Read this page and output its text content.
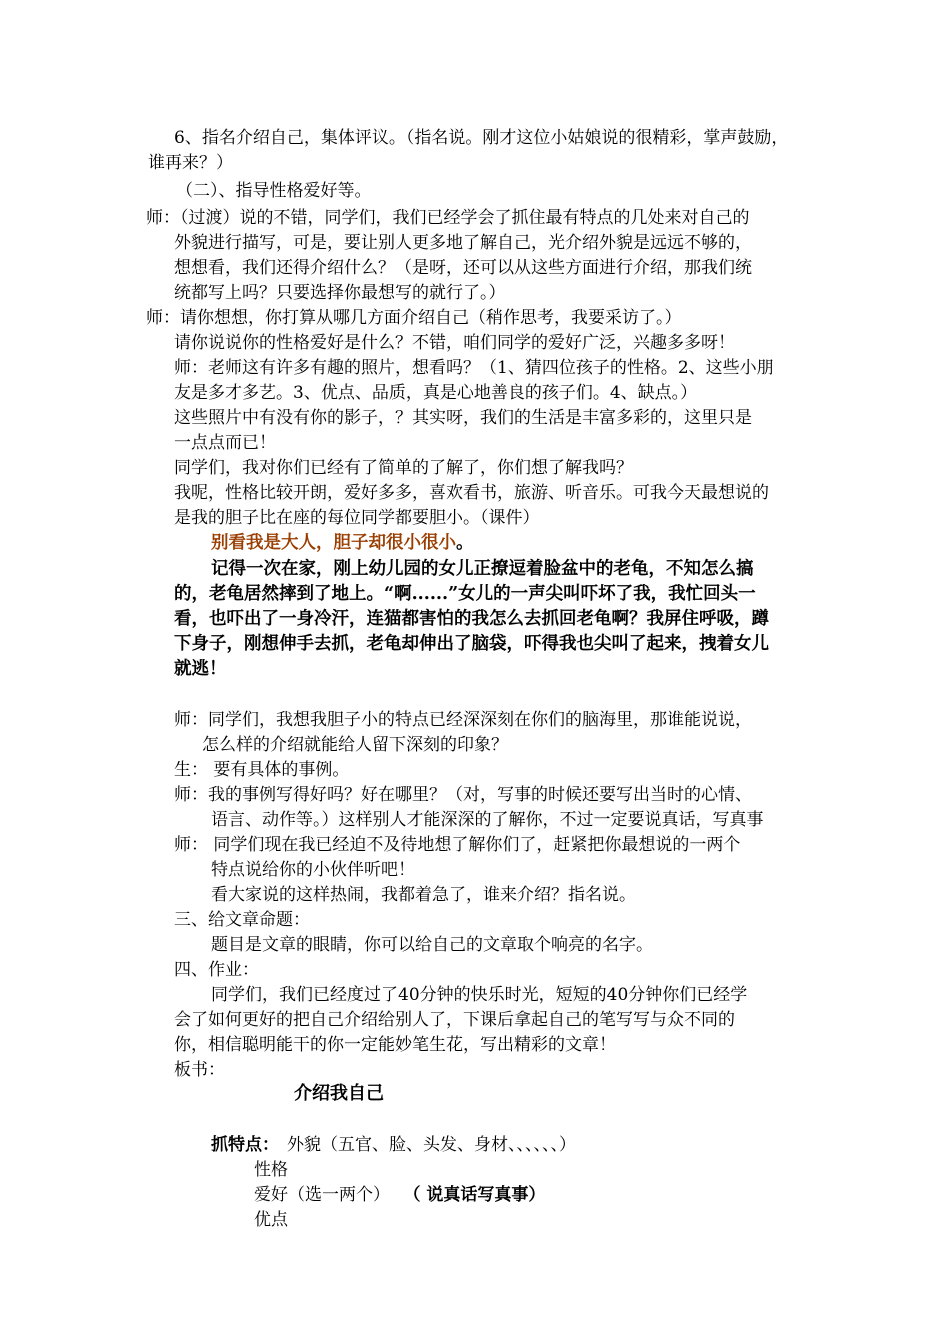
6、指名介绍自己，集体评议。（指名说。刚才这位小姑娘说的很精彩，掌声鼓励，
谁再来？）
（二）、指导性格爱好等。
师：（过渡）说的不错，同学们，我们已经学会了抓住最有特点的几处来对自己的
外貌进行描写，可是，要让别人更多地了解自己，光介绍外貌是远远不够的，
想想看，我们还得介绍什么？（是呀，还可以从这些方面进行介绍，那我们统
统都写上吗？只要选择你最想写的就行了。）
师：请你想想，你打算从哪几方面介绍自己（稍作思考，我要采访了。）
请你说说你的性格爱好是什么？不错，咱们同学的爱好广泛，兴趣多多呀！
师：老师这有许多有趣的照片，想看吗？（1、猜四位孩子的性格。2、这些小朋
友是多才多艺。3、优点、品质，真是心地善良的孩子们。4、缺点。）
这些照片中有没有你的影子，？其实呀，我们的生活是丰富多彩的，这里只是
一点点而已！
同学们，我对你们已经有了简单的了解了，你们想了解我吗？
我呢，性格比较开朗，爱好多多，喜欢看书，旅游、听音乐。可我今天最想说的
是我的胆子比在座的每位同学都要胆小。（课件）
别看我是大人，胆子却很小很小。
记得一次在家，刚上幼儿园的女儿正撩逗着脸盆中的老龟，不知怎么搞
的，老龟居然摔到了地上。“啊......”女儿的一声尖叫吓坏了我，我忙回头一
看，也吓出了一身冷汗，连猫都害怕的我怎么去抓回老龟啊？我屏住呼吸，蹲
下身子，刚想伸手去抓，老龟却伸出了脑袋，吓得我也尖叫了起来，拽着女儿
就逃！
师：同学们，我想我胆子小的特点已经深深刻在你们的脑海里，那谁能说说，
怎么样的介绍就能给人留下深刻的印象？
生： 要有具体的事例。
师：我的事例写得好吗？好在哪里？（对，写事的时候还要写出当时的心情、
语言、动作等。）这样别人才能深深的了解你，不过一定要说真话，写真事
师： 同学们现在我已经迫不及待地想了解你们了，赶紧把你最想说的一两个
特点说给你的小伙伴听吧！
看大家说的这样热闹，我都着急了，谁来介绍？指名说。
三、给文章命题：
题目是文章的眼睛，你可以给自己的文章取个响亮的名字。
四、作业：
同学们，我们已经度过了40分钟的快乐时光，短短的40分钟你们已经学
会了如何更好的把自己介绍给别人了，下课后拿起自己的笔写写与众不同的
你，相信聪明能干的你一定能妙笔生花，写出精彩的文章！
板书：
介绍我自己
抓特点： 外貌（五官、脸、头发、身材、、、、、、）
性格
爱好（选一两个） （ 说真话写真事）
优点
